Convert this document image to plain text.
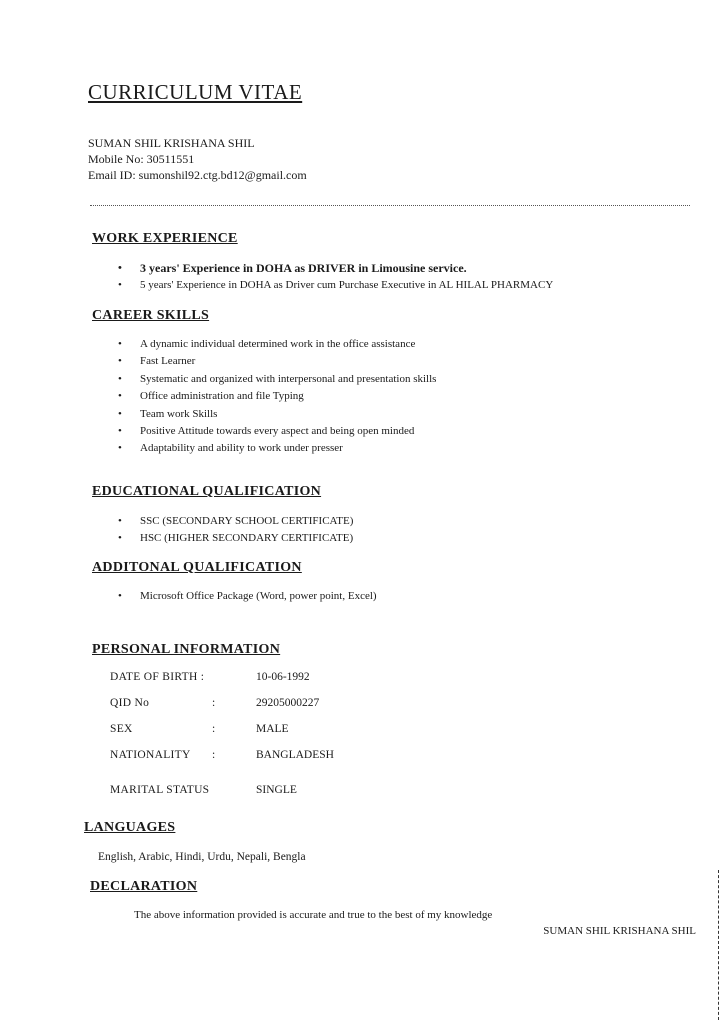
CURRICULUM VITAE
SUMAN SHIL KRISHANA SHIL
Mobile No: 30511551
Email ID: sumonshil92.ctg.bd12@gmail.com
WORK EXPERIENCE
• 3 years' Experience in DOHA as DRIVER in Limousine service.
• 5 years' Experience in DOHA as Driver cum Purchase Executive in AL HILAL PHARMACY
CAREER SKILLS
• A dynamic individual determined work in the office assistance
• Fast Learner
• Systematic and organized with interpersonal and presentation skills
• Office administration and file Typing
• Team work Skills
• Positive Attitude towards every aspect and being open minded
• Adaptability and ability to work under presser
EDUCATIONAL QUALIFICATION
• SSC (SECONDARY SCHOOL CERTIFICATE)
• HSC (HIGHER SECONDARY CERTIFICATE)
ADDITONAL QUALIFICATION
• Microsoft Office Package (Word, power point, Excel)
PERSONAL INFORMATION
DATE OF BIRTH :	10-06-1992
QID No	:	29205000227
SEX	:	MALE
NATIONALITY :	BANGLADESH
MARITAL STATUS	SINGLE
LANGUAGES
English, Arabic, Hindi, Urdu, Nepali, Bengla
DECLARATION
The above information provided is accurate and true to the best of my knowledge
SUMAN SHIL KRISHANA SHIL
